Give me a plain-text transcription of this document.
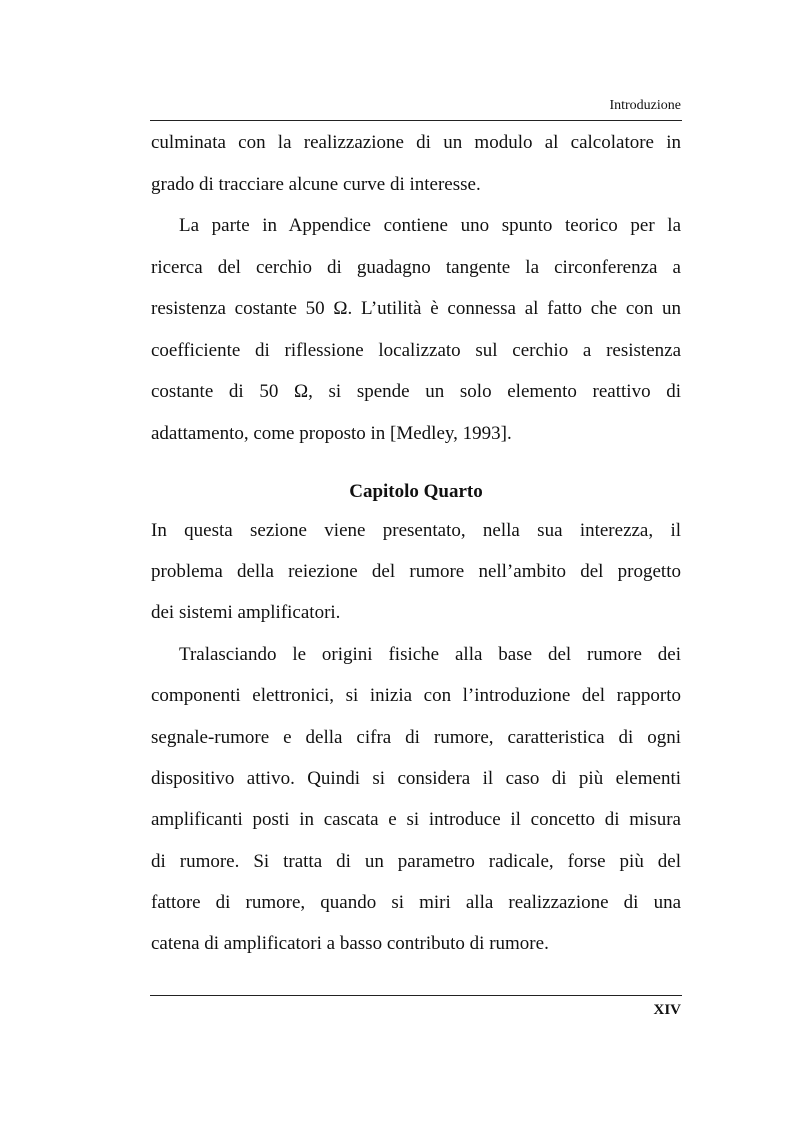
Introduzione
culminata con la realizzazione di un modulo al calcolatore in
grado di tracciare alcune curve di interesse.
La parte in Appendice contiene uno spunto teorico per la
ricerca del cerchio di guadagno tangente la circonferenza a
resistenza costante 50 Ω. L’utilità è connessa al fatto che con un
coefficiente di riflessione localizzato sul cerchio a resistenza
costante di 50 Ω, si spende un solo elemento reattivo di
adattamento, come proposto in [Medley, 1993].
Capitolo Quarto
In questa sezione viene presentato, nella sua interezza, il
problema della reiezione del rumore nell’ambito del progetto
dei sistemi amplificatori.
Tralasciando le origini fisiche alla base del rumore dei
componenti elettronici, si inizia con l’introduzione del rapporto
segnale-rumore e della cifra di rumore, caratteristica di ogni
dispositivo attivo. Quindi si considera il caso di più elementi
amplificanti posti in cascata e si introduce il concetto di misura
di rumore. Si tratta di un parametro radicale, forse più del
fattore di rumore, quando si miri alla realizzazione di una
catena di amplificatori a basso contributo di rumore.
XIV
